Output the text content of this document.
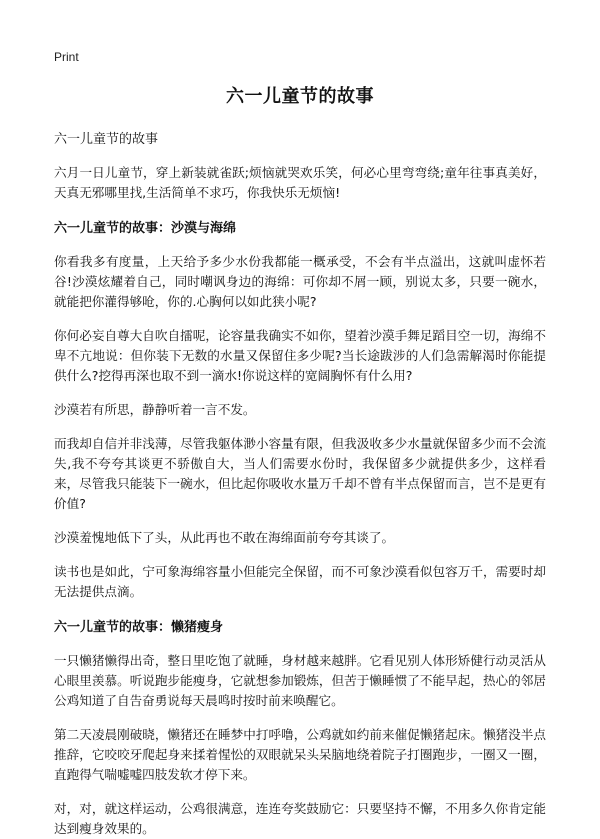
Print
六一儿童节的故事

六一儿童节的故事

六月一日儿童节，穿上新装就雀跃;烦恼就哭欢乐笑，何必心里弯弯绕;童年往事真美好，天真无邪哪里找,生活简单不求巧，你我快乐无烦恼!

六一儿童节的故事：沙漠与海绵

你看我多有度量，上天给予多少水份我都能一概承受，不会有半点溢出，这就叫虚怀若谷!沙漠炫耀着自己，同时嘲讽身边的海绵：可你却不屑一顾，别说太多，只要一碗水，就能把你灌得够呛，你的.心胸何以如此狭小呢?

你何必妄自尊大自吹自擂呢，论容量我确实不如你，望着沙漠手舞足蹈目空一切，海绵不卑不亢地说：但你装下无数的水量又保留住多少呢?当长途跋涉的人们急需解渴时你能提供什么?挖得再深也取不到一滴水!你说这样的宽阔胸怀有什么用?

沙漠若有所思，静静听着一言不发。

而我却自信并非浅薄，尽管我躯体渺小容量有限，但我汲收多少水量就保留多少而不会流失,我不夸夸其谈更不骄傲自大，当人们需要水份时，我保留多少就提供多少，这样看来，尽管我只能装下一碗水，但比起你吸收水量万千却不曾有半点保留而言，岂不是更有价值?

沙漠羞愧地低下了头，从此再也不敢在海绵面前夸夸其谈了。

读书也是如此，宁可象海绵容量小但能完全保留，而不可象沙漠看似包容万千，需要时却无法提供点滴。

六一儿童节的故事：懒猪瘦身

一只懒猪懒得出奇，整日里吃饱了就睡，身材越来越胖。它看见别人体形矫健行动灵活从心眼里羡慕。听说跑步能瘦身，它就想参加锻炼，但苦于懒睡惯了不能早起，热心的邻居公鸡知道了自告奋勇说每天晨鸣时按时前来唤醒它。

第二天凌晨刚破晓，懒猪还在睡梦中打呼噜，公鸡就如约前来催促懒猪起床。懒猪没半点推辞，它咬咬牙爬起身来揉着惺忪的双眼就呆头呆脑地绕着院子打圈跑步，一圈又一圈，直跑得气喘嘘嘘四肢发软才停下来。

对，对，就这样运动，公鸡很满意，连连夸奖鼓励它：只要坚持不懈，不用多久你肯定能达到瘦身效果的。
